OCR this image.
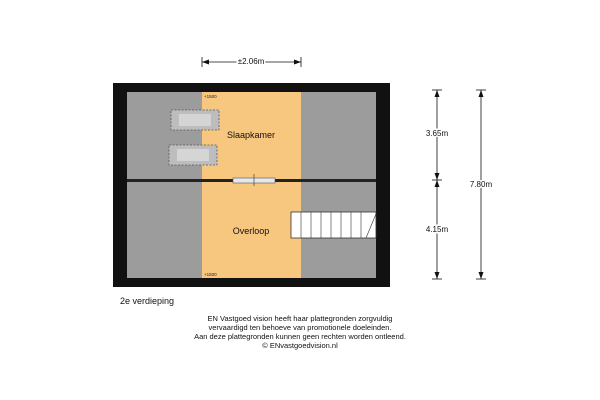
Slaapkamer
Overloop
+1500
+1500
±2.06m
3.65m
4.15m
7.80m
2e verdieping
EN Vastgoed vision heeft haar plattegronden zorgvuldig
vervaardigd ten behoeve van promotionele doeleinden.
Aan deze plattegronden kunnen geen rechten worden ontleend.
© ENvastgoedvision.nl
